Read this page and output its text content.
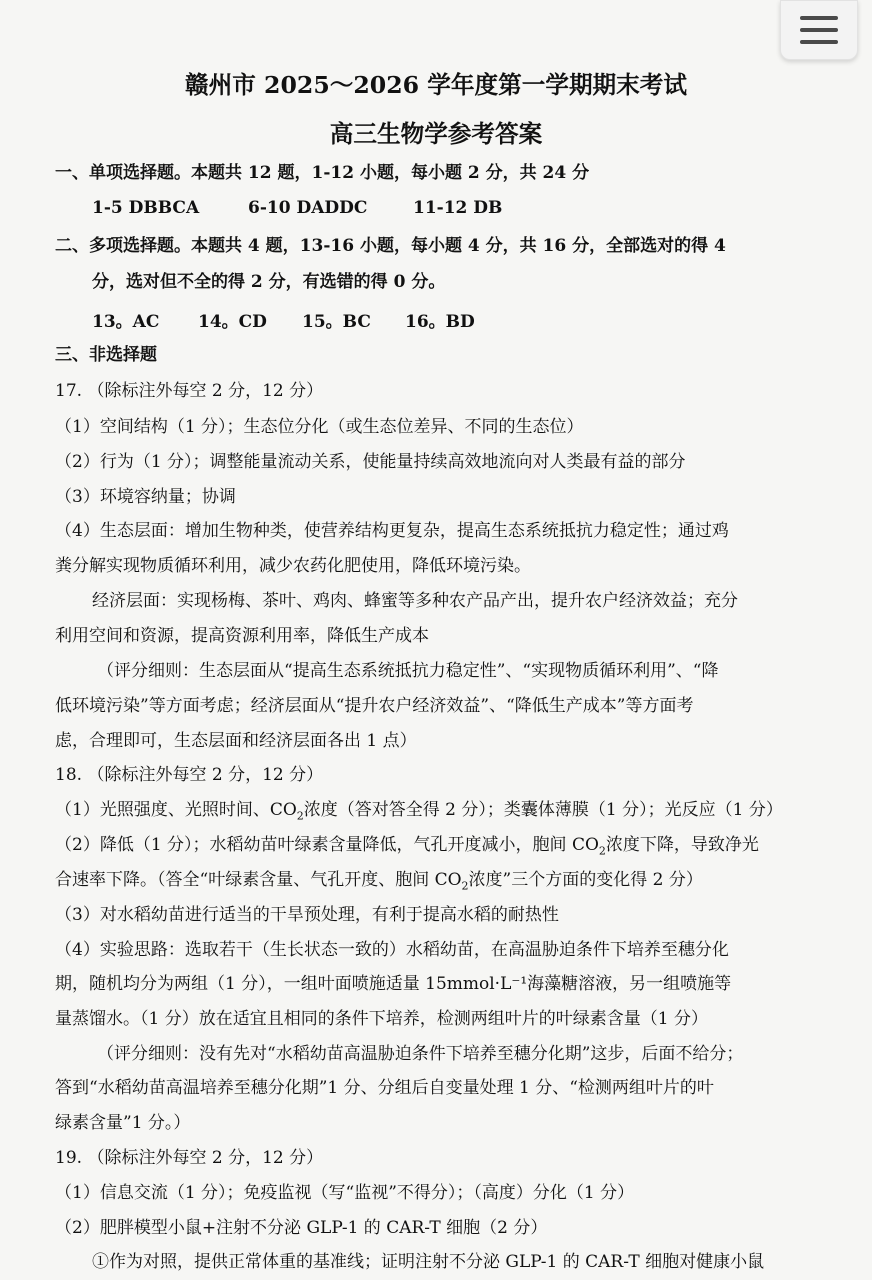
赣州市 2025～2026 学年度第一学期期末考试
高三生物学参考答案
一、单项选择题。本题共 12 题，1-12 小题，每小题 2 分，共 24 分
1-5 DBBCA	6-10 DADDC	11-12 DB
二、多项选择题。本题共 4 题，13-16 小题，每小题 4 分，共 16 分，全部选对的得 4
分，选对但不全的得 2 分，有选错的得 0 分。
13。AC 14。CD 15。BC 16。BD
三、非选择题
17. （除标注外每空 2 分，12 分）
（1）空间结构（1 分）；生态位分化（或生态位差异、不同的生态位）
（2）行为（1 分）；调整能量流动关系，使能量持续高效地流向对人类最有益的部分
（3）环境容纳量；协调
（4）生态层面：增加生物种类，使营养结构更复杂，提高生态系统抵抗力稳定性；通过鸡
粪分解实现物质循环利用，减少农药化肥使用，降低环境污染。
经济层面：实现杨梅、茶叶、鸡肉、蜂蜜等多种农产品产出，提升农户经济效益；充分
利用空间和资源，提高资源利用率，降低生产成本
（评分细则：生态层面从“提高生态系统抵抗力稳定性”、“实现物质循环利用”、“降
低环境污染”等方面考虑；经济层面从“提升农户经济效益”、“降低生产成本”等方面考
虑，合理即可，生态层面和经济层面各出 1 点）
18. （除标注外每空 2 分，12 分）
（1）光照强度、光照时间、$CO_2$浓度（答对答全得 2 分）；类囊体薄膜（1 分）；光反应（1 分）
（2）降低（1 分）；水稻幼苗叶绿素含量降低，气孔开度减小，胞间 $CO_2$浓度下降，导致净光
合速率下降。（答全“叶绿素含量、气孔开度、胞间 $CO_2$浓度”三个方面的变化得 2 分）
（3）对水稻幼苗进行适当的干旱预处理，有利于提高水稻的耐热性
（4）实验思路：选取若干（生长状态一致的）水稻幼苗，在高温胁迫条件下培养至穗分化
期，随机均分为两组（1 分），一组叶面喷施适量 15mmol·L⁻¹海藻糖溶液，另一组喷施等
量蒸馏水。（1 分）放在适宜且相同的条件下培养，检测两组叶片的叶绿素含量（1 分）
（评分细则：没有先对“水稻幼苗高温胁迫条件下培养至穗分化期”这步，后面不给分；
答到“水稻幼苗高温培养至穗分化期”1 分、分组后自变量处理 1 分、“检测两组叶片的叶
绿素含量”1 分。）
19. （除标注外每空 2 分，12 分）
（1）信息交流（1 分）；免疫监视（写“监视”不得分）；（高度）分化（1 分）
（2）肥胖模型小鼠+注射不分泌 GLP-1 的 CAR-T 细胞（2 分）
①作为对照，提供正常体重的基准线；证明注射不分泌 GLP-1 的 CAR-T 细胞对健康小鼠
